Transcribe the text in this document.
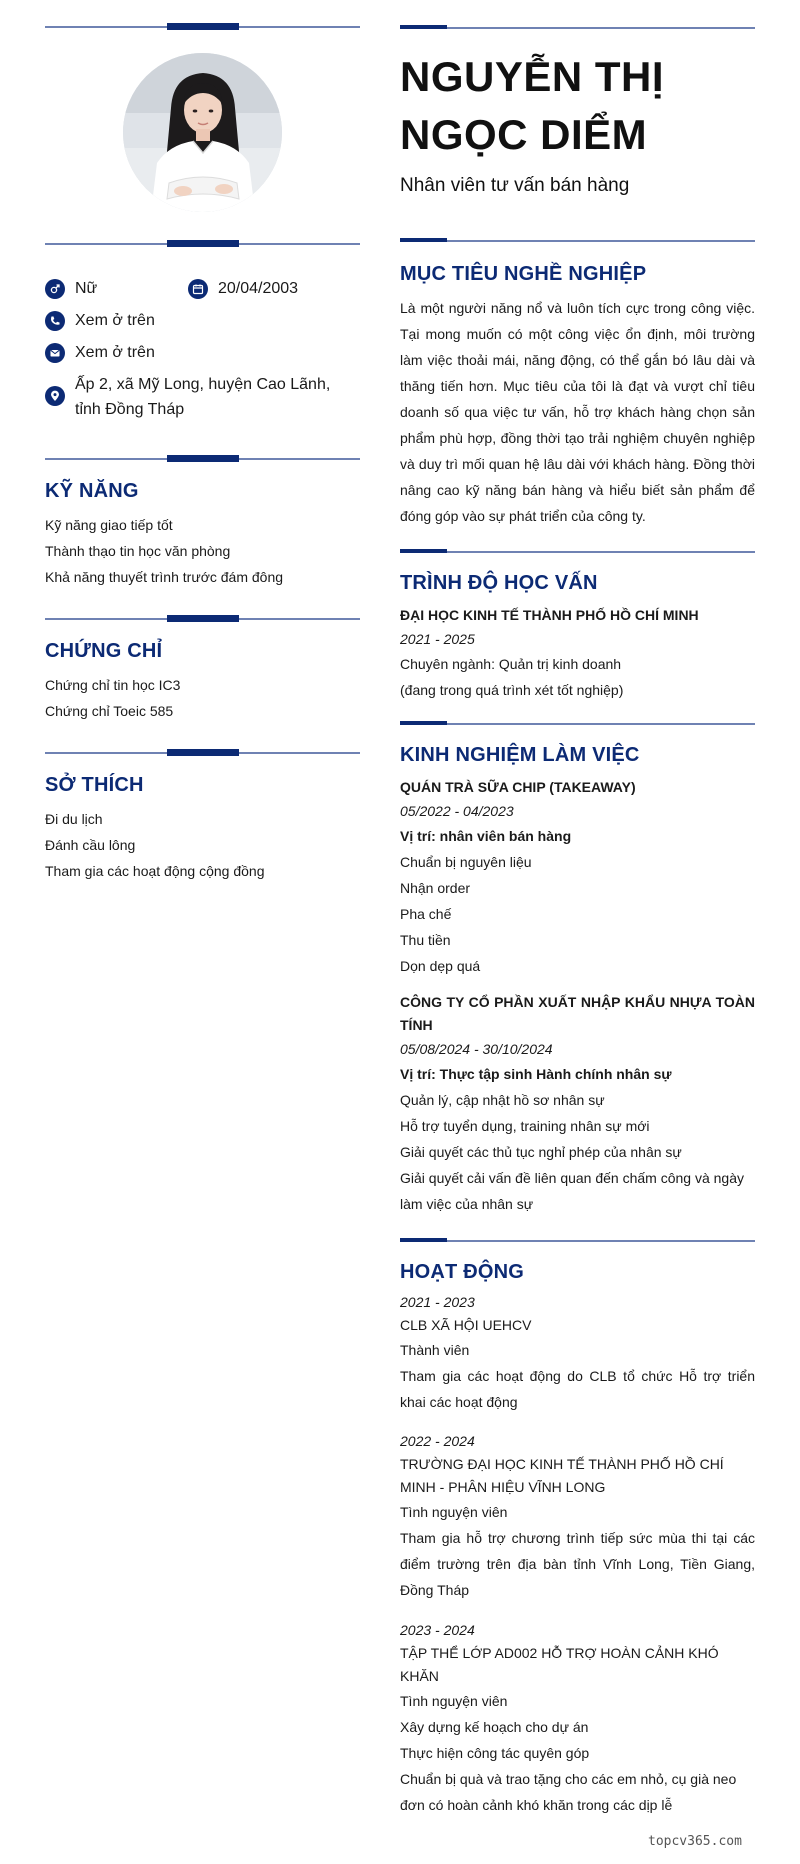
Nữ	20/04/2003
Xem ở trên
Xem ở trên
Ấp 2, xã Mỹ Long, huyện Cao Lãnh, tỉnh Đồng Tháp
KỸ NĂNG
Kỹ năng giao tiếp tốt
Thành thạo tin học văn phòng
Khả năng thuyết trình trước đám đông
CHỨNG CHỈ
Chứng chỉ tin học IC3
Chứng chỉ Toeic 585
SỞ THÍCH
Đi du lịch
Đánh cầu lông
Tham gia các hoạt động cộng đồng
NGUYỄN THỊ NGỌC DIỂM
Nhân viên tư vấn bán hàng
MỤC TIÊU NGHỀ NGHIỆP
Là một người năng nổ và luôn tích cực trong công việc. Tại mong muốn có một công việc ổn định, môi trường làm việc thoải mái, năng động, có thể gắn bó lâu dài và thăng tiến hơn. Mục tiêu của tôi là đạt và vượt chỉ tiêu doanh số qua việc tư vấn, hỗ trợ khách hàng chọn sản phẩm phù hợp, đồng thời tạo trải nghiệm chuyên nghiệp và duy trì mối quan hệ lâu dài với khách hàng. Đồng thời nâng cao kỹ năng bán hàng và hiểu biết sản phẩm để đóng góp vào sự phát triển của công ty.
TRÌNH ĐỘ HỌC VẤN
ĐẠI HỌC KINH TẾ THÀNH PHỐ HỒ CHÍ MINH
2021 - 2025
Chuyên ngành: Quản trị kinh doanh
(đang trong quá trình xét tốt nghiệp)
KINH NGHIỆM LÀM VIỆC
QUÁN TRÀ SỮA CHIP (TAKEAWAY)
05/2022 - 04/2023
Vị trí: nhân viên bán hàng
Chuẩn bị nguyên liệu
Nhận order
Pha chế
Thu tiền
Dọn dẹp quá
CÔNG TY CỔ PHẦN XUẤT NHẬP KHẨU NHỰA TOÀN TÍNH
05/08/2024 - 30/10/2024
Vị trí: Thực tập sinh Hành chính nhân sự
Quản lý, cập nhật hồ sơ nhân sự
Hỗ trợ tuyển dụng, training nhân sự mới
Giải quyết các thủ tục nghỉ phép của nhân sự
Giải quyết cải vấn đề liên quan đến chấm công và ngày làm việc của nhân sự
HOẠT ĐỘNG
2021 - 2023
CLB XÃ HỘI UEHCV
Thành viên
Tham gia các hoạt động do CLB tổ chức Hỗ trợ triển khai các hoạt động
2022 - 2024
TRƯỜNG ĐẠI HỌC KINH TẾ THÀNH PHỐ HỒ CHÍ MINH - PHÂN HIỆU VĨNH LONG
Tình nguyện viên
Tham gia hỗ trợ chương trình tiếp sức mùa thi tại các điểm trường trên địa bàn tỉnh Vĩnh Long, Tiền Giang, Đồng Tháp
2023 - 2024
TẬP THỂ LỚP AD002 HỖ TRỢ HOÀN CẢNH KHÓ KHĂN
Tình nguyện viên
Xây dựng kế hoạch cho dự án
Thực hiện công tác quyên góp
Chuẩn bị quà và trao tặng cho các em nhỏ, cụ già neo đơn có hoàn cảnh khó khăn trong các dịp lễ
topcv365.com
